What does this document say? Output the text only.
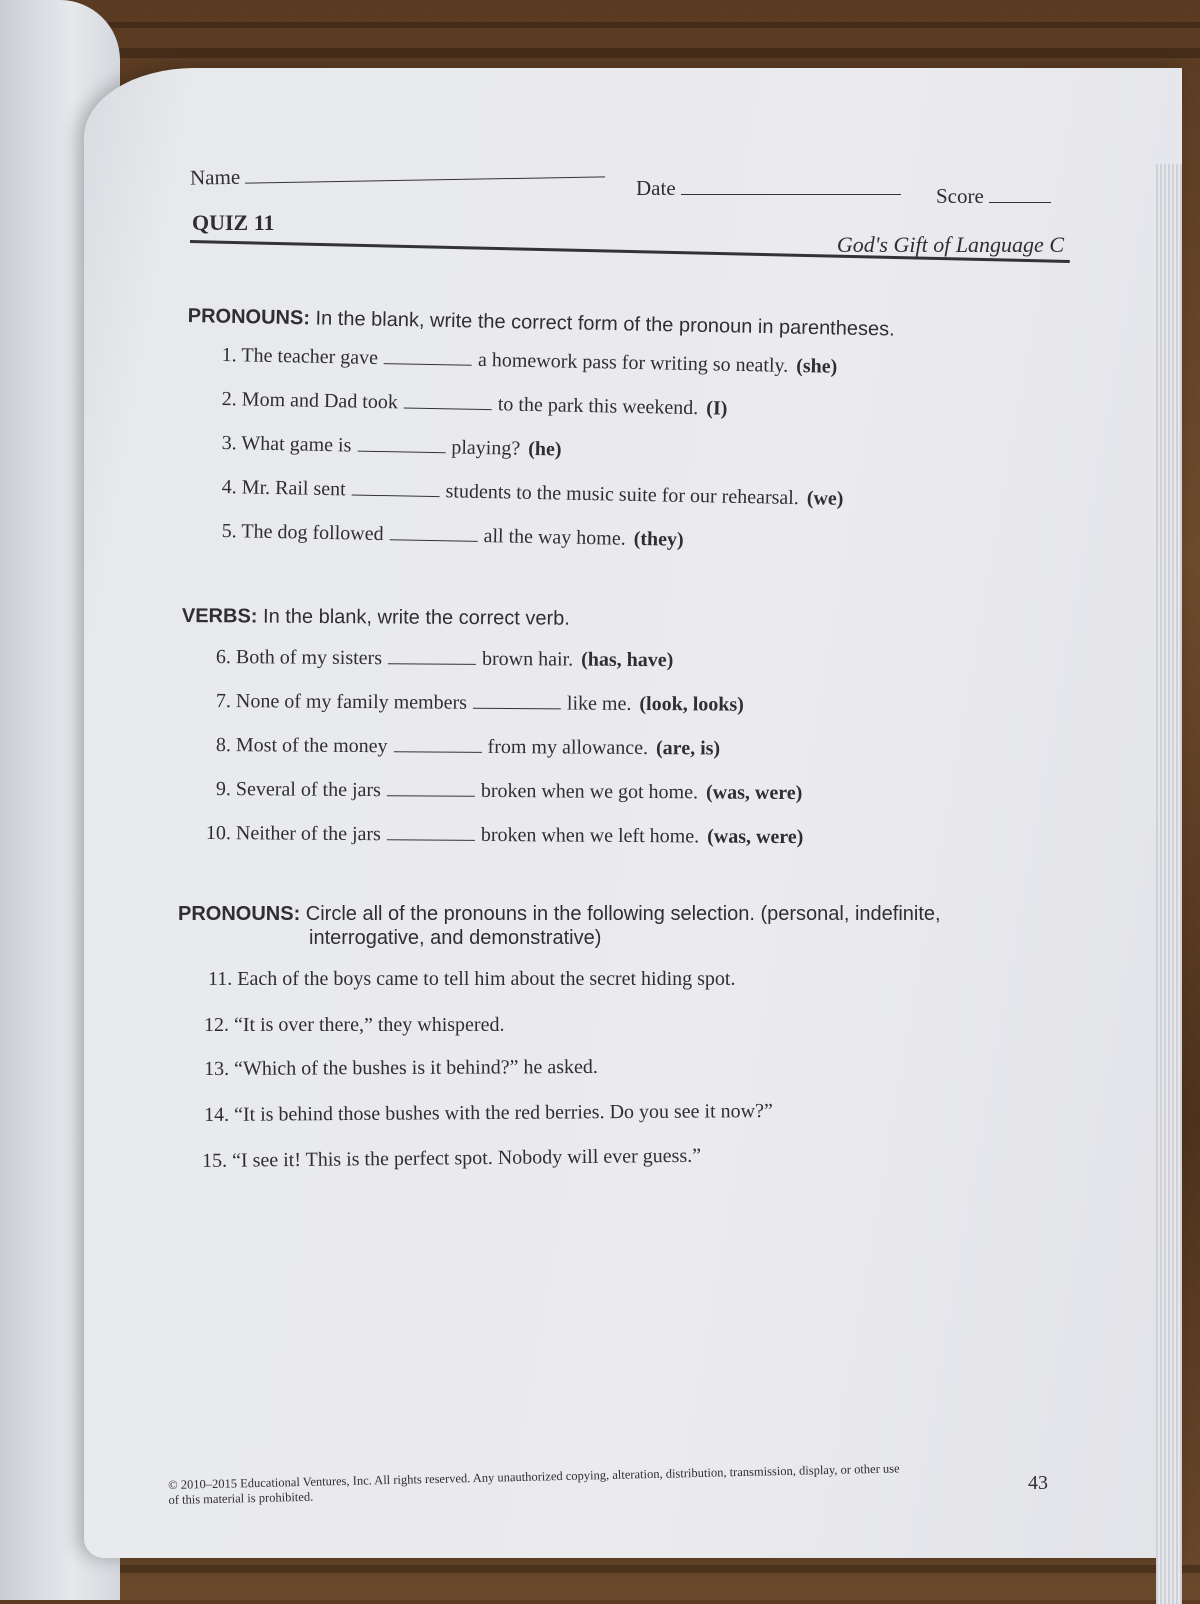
Name	Date	Score
QUIZ 11
God's Gift of Language C
PRONOUNS: In the blank, write the correct form of the pronoun in parentheses.
1. The teacher gave	a homework pass for writing so neatly. (she)
2. Mom and Dad took	to the park this weekend. (I)
3. What game is	playing? (he)
4. Mr. Rail sent	students to the music suite for our rehearsal. (we)
5. The dog followed	all the way home. (they)
VERBS: In the blank, write the correct verb.
6. Both of my sisters	brown hair. (has, have)
7. None of my family members	like me. (look, looks)
8. Most of the money	from my allowance. (are, is)
9. Several of the jars	broken when we got home. (was, were)
10. Neither of the jars	broken when we left home. (was, were)
PRONOUNS: Circle all of the pronouns in the following selection. (personal, indefinite,
interrogative, and demonstrative)
11. Each of the boys came to tell him about the secret hiding spot.
12. “It is over there,” they whispered.
13. “Which of the bushes is it behind?” he asked.
14. “It is behind those bushes with the red berries. Do you see it now?”
15. “I see it! This is the perfect spot. Nobody will ever guess.”
© 2010–2015 Educational Ventures, Inc. All rights reserved. Any unauthorized copying, alteration, distribution, transmission, display, or other use of this material is prohibited.
43
